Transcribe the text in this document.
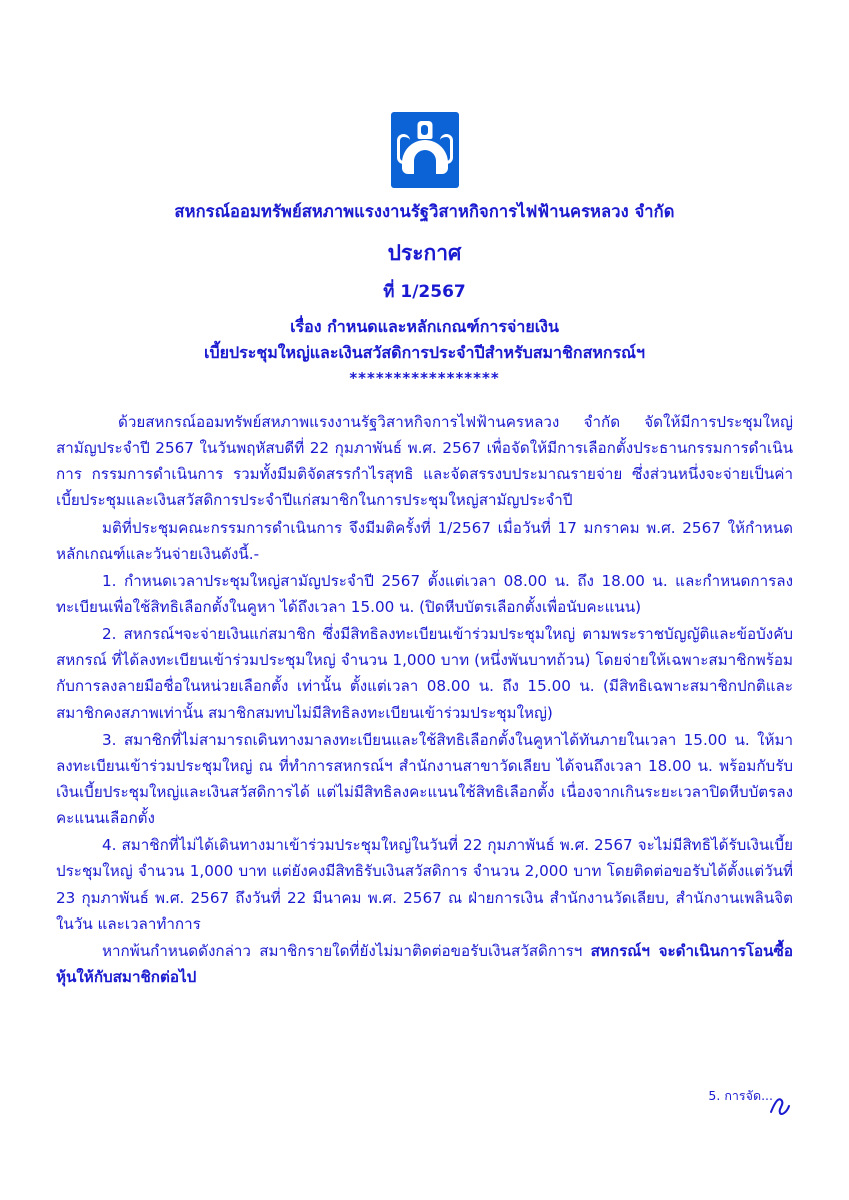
สหกรณ์ออมทรัพย์สหภาพแรงงานรัฐวิสาหกิจการไฟฟ้านครหลวง จำกัด
ประกาศ
ที่ 1/2567
เรื่อง กำหนดและหลักเกณฑ์การจ่ายเงิน
เบี้ยประชุมใหญ่และเงินสวัสดิการประจำปีสำหรับสมาชิกสหกรณ์ฯ
*****************

ด้วยสหกรณ์ออมทรัพย์สหภาพแรงงานรัฐวิสาหกิจการไฟฟ้านครหลวง จำกัด จัดให้มีการประชุมใหญ่สามัญประจำปี 2567 ในวันพฤหัสบดีที่ 22 กุมภาพันธ์ พ.ศ. 2567 เพื่อจัดให้มีการเลือกตั้งประธานกรรมการดำเนินการ กรรมการดำเนินการ รวมทั้งมีมติจัดสรรกำไรสุทธิ และจัดสรรงบประมาณรายจ่าย ซึ่งส่วนหนึ่งจะจ่ายเป็นค่าเบี้ยประชุมและเงินสวัสดิการประจำปีแก่สมาชิกในการประชุมใหญ่สามัญประจำปี

มติที่ประชุมคณะกรรมการดำเนินการ จึงมีมติครั้งที่ 1/2567 เมื่อวันที่ 17 มกราคม พ.ศ. 2567 ให้กำหนดหลักเกณฑ์และวันจ่ายเงินดังนี้.-

1. กำหนดเวลาประชุมใหญ่สามัญประจำปี 2567 ตั้งแต่เวลา 08.00 น. ถึง 18.00 น. และกำหนดการลงทะเบียนเพื่อใช้สิทธิเลือกตั้งในคูหา ได้ถึงเวลา 15.00 น. (ปิดหีบบัตรเลือกตั้งเพื่อนับคะแนน)

2. สหกรณ์ฯจะจ่ายเงินแก่สมาชิก ซึ่งมีสิทธิลงทะเบียนเข้าร่วมประชุมใหญ่ ตามพระราชบัญญัติและข้อบังคับสหกรณ์ ที่ได้ลงทะเบียนเข้าร่วมประชุมใหญ่ จำนวน 1,000 บาท (หนึ่งพันบาทถ้วน) โดยจ่ายให้เฉพาะสมาชิกพร้อมกับการลงลายมือชื่อในหน่วยเลือกตั้ง เท่านั้น ตั้งแต่เวลา 08.00 น. ถึง 15.00 น. (มีสิทธิเฉพาะสมาชิกปกติและสมาชิกคงสภาพเท่านั้น สมาชิกสมทบไม่มีสิทธิลงทะเบียนเข้าร่วมประชุมใหญ่)

3. สมาชิกที่ไม่สามารถเดินทางมาลงทะเบียนและใช้สิทธิเลือกตั้งในคูหาได้ทันภายในเวลา 15.00 น. ให้มาลงทะเบียนเข้าร่วมประชุมใหญ่ ณ ที่ทำการสหกรณ์ฯ สำนักงานสาขาวัดเลียบ ได้จนถึงเวลา 18.00 น. พร้อมกับรับเงินเบี้ยประชุมใหญ่และเงินสวัสดิการได้ แต่ไม่มีสิทธิลงคะแนนใช้สิทธิเลือกตั้ง เนื่องจากเกินระยะเวลาปิดหีบบัตรลงคะแนนเลือกตั้ง

4. สมาชิกที่ไม่ได้เดินทางมาเข้าร่วมประชุมใหญ่ในวันที่ 22 กุมภาพันธ์ พ.ศ. 2567 จะไม่มีสิทธิได้รับเงินเบี้ยประชุมใหญ่ จำนวน 1,000 บาท แต่ยังคงมีสิทธิรับเงินสวัสดิการ จำนวน 2,000 บาท โดยติดต่อขอรับได้ตั้งแต่วันที่ 23 กุมภาพันธ์ พ.ศ. 2567 ถึงวันที่ 22 มีนาคม พ.ศ. 2567 ณ ฝ่ายการเงิน สำนักงานวัดเลียบ, สำนักงานเพลินจิต ในวัน และเวลาทำการ

หากพ้นกำหนดดังกล่าว สมาชิกรายใดที่ยังไม่มาติดต่อขอรับเงินสวัสดิการฯ สหกรณ์ฯ จะดำเนินการโอนซื้อหุ้นให้กับสมาชิกต่อไป

5. การจัด...
